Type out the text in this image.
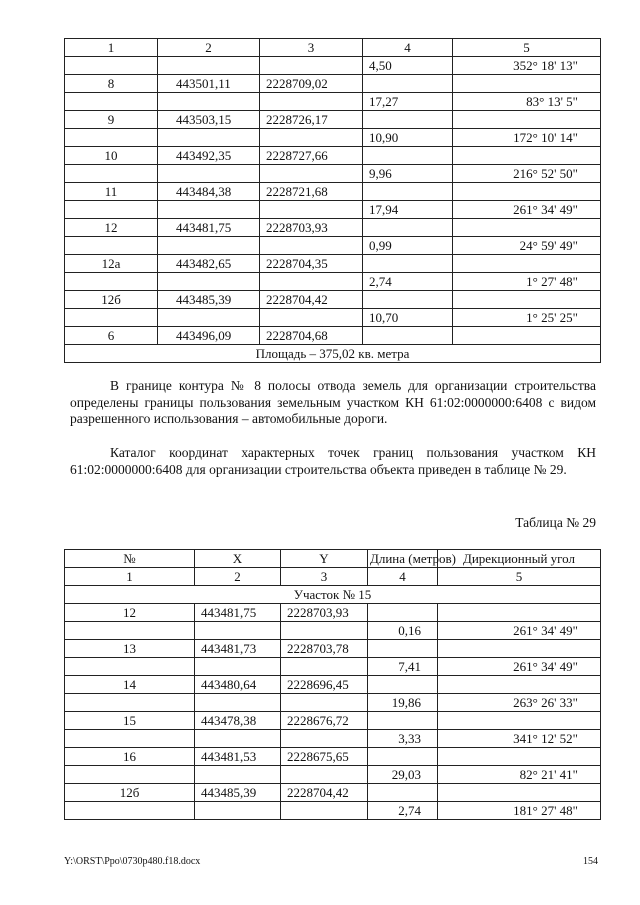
1	2	3	4	5
			4,50	352° 18' 13"
8	443501,11	2228709,02		
			17,27	83° 13' 5"
9	443503,15	2228726,17		
			10,90	172° 10' 14"
10	443492,35	2228727,66		
			9,96	216° 52' 50"
11	443484,38	2228721,68		
			17,94	261° 34' 49"
12	443481,75	2228703,93		
			0,99	24° 59' 49"
12а	443482,65	2228704,35		
			2,74	1° 27' 48"
12б	443485,39	2228704,42		
			10,70	1° 25' 25"
6	443496,09	2228704,68		
Площадь – 375,02 кв. метра				

В границе контура № 8 полосы отвода земель для организации строительства определены границы пользования земельным участком КН 61:02:0000000:6408 с видом разрешенного использования – автомобильные дороги.

Каталог координат характерных точек границ пользования участком КН 61:02:0000000:6408 для организации строительства объекта приведен в таблице № 29.

Таблица № 29
№	X	Y	Длина (метров)	Дирекционный угол
1	2	3	4	5
Участок № 15				
12	443481,75	2228703,93		
			0,16	261° 34' 49"
13	443481,73	2228703,78		
			7,41	261° 34' 49"
14	443480,64	2228696,45		
			19,86	263° 26' 33"
15	443478,38	2228676,72		
			3,33	341° 12' 52"
16	443481,53	2228675,65		
			29,03	82° 21' 41"
12б	443485,39	2228704,42		
			2,74	181° 27' 48"
Y:\ORST\Ppo\0730p480.f18.docx	154
